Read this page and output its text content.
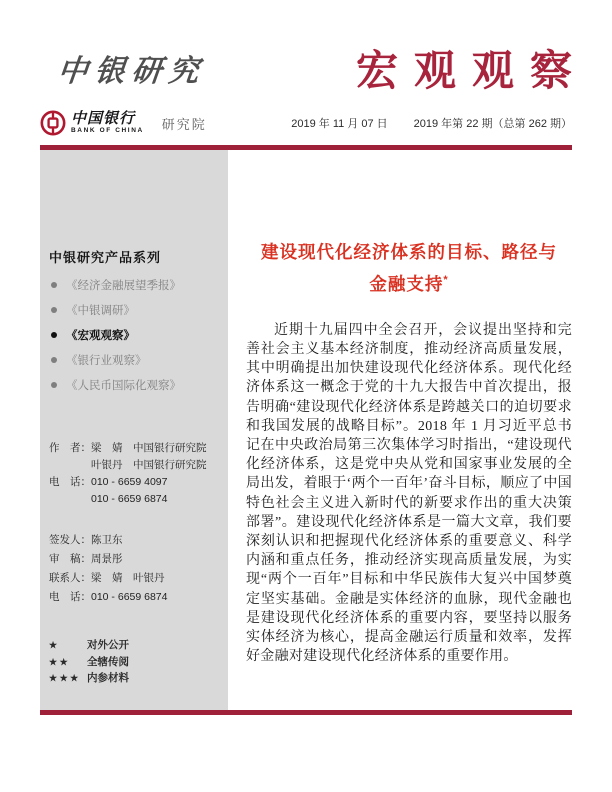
中银研究	宏观观察
中国银行
BANK OF CHINA 研究院	2019 年 11 月 07 日 2019 年第 22 期（总第 262 期）
中银研究产品系列
《经济金融展望季报》
《中银调研》
《宏观观察》
《银行业观察》
《人民币国际化观察》
作　者： 梁　婧　中国银行研究院

叶银丹　中国银行研究院
电　话： 010 - 6659 4097

010 - 6659 6874
签发人： 陈卫东
审　稿： 周景彤
联系人： 梁　婧　叶银丹
电　话： 010 - 6659 6874
★	对外公开
★★	全辖传阅
★★★ 内参材料
建设现代化经济体系的目标、路径与
金融支持*

近期十九届四中全会召开，会议提出坚持和完善社会主义基本经济制度，推动经济高质量发展，其中明确提出加快建设现代化经济体系。现代化经济体系这一概念于党的十九大报告中首次提出，报告明确“建设现代化经济体系是跨越关口的迫切要求和我国发展的战略目标”。2018 年 1 月习近平总书记在中央政治局第三次集体学习时指出，“建设现代化经济体系，这是党中央从党和国家事业发展的全局出发，着眼于‘两个一百年’奋斗目标，顺应了中国特色社会主义进入新时代的新要求作出的重大决策部署”。建设现代化经济体系是一篇大文章，我们要深刻认识和把握现代化经济体系的重要意义、科学内涵和重点任务，推动经济实现高质量发展，为实现“两个一百年”目标和中华民族伟大复兴中国梦奠定坚实基础。金融是实体经济的血脉，现代金融也是建设现代化经济体系的重要内容，要坚持以服务实体经济为核心，提高金融运行质量和效率，发挥好金融对建设现代化经济体系的重要作用。
